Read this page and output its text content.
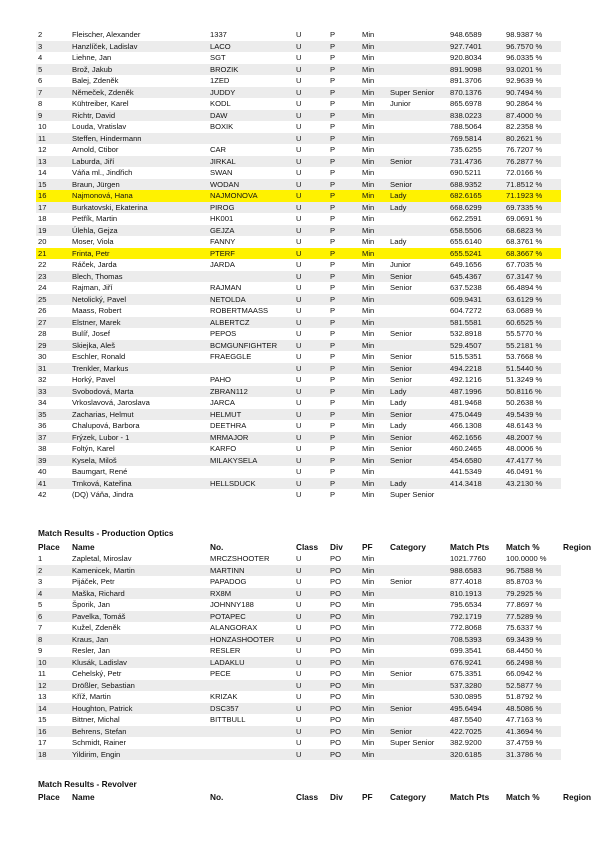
2	Fleischer, Alexander	1337	U	P	Min		948.6589	98.9387 %	
3	Hanzlíček, Ladislav	LACO	U	P	Min		927.7401	96.7570 %	
4	Liehne, Jan	SGT	U	P	Min		920.8034	96.0335 %	
5	Brož, Jakub	BROZIK	U	P	Min		891.9098	93.0201 %	
6	Balej, Zdeněk	1ZED	U	P	Min		891.3706	92.9639 %	
7	Němeček, Zdeněk	JUDDY	U	P	Min	Super Senior	870.1376	90.7494 %	
8	Kühtreiber, Karel	KODL	U	P	Min	Junior	865.6978	90.2864 %	
9	Richtr, David	DAW	U	P	Min		838.0223	87.4000 %	
10	Louda, Vratislav	BOXIK	U	P	Min		788.5064	82.2358 %	
11	Steffen, Hindermann		U	P	Min		769.5814	80.2621 %	
12	Arnold, Ctibor	CAR	U	P	Min		735.6255	76.7207 %	
13	Laburda, Jiří	JIRKAL	U	P	Min	Senior	731.4736	76.2877 %	
14	Váňa ml., Jindřich	SWAN	U	P	Min		690.5211	72.0166 %	
15	Braun, Jürgen	WODAN	U	P	Min	Senior	688.9352	71.8512 %	
16	Najmonová, Hana	NAJMONOVA	U	P	Min	Lady	682.6165	71.1923 %	
17	Burkatovski, Ekaterina	PIROG	U	P	Min	Lady	668.6299	69.7335 %	
18	Petřík, Martin	HK001	U	P	Min		662.2591	69.0691 %	
19	Úlehla, Gejza	GEJZA	U	P	Min		658.5506	68.6823 %	
20	Moser, Viola	FANNY	U	P	Min	Lady	655.6140	68.3761 %	
21	Frinta, Petr	PTERF	U	P	Min		655.5241	68.3667 %	
22	Ráček, Jarda	JARDA	U	P	Min	Junior	649.1656	67.7035 %	
23	Blech, Thomas		U	P	Min	Senior	645.4367	67.3147 %	
24	Rajman, Jiří	RAJMAN	U	P	Min	Senior	637.5238	66.4894 %	
25	Netolický, Pavel	NETOLDA	U	P	Min		609.9431	63.6129 %	
26	Maass, Robert	ROBERTMAASS	U	P	Min		604.7272	63.0689 %	
27	Elstner, Marek	ALBERTCZ	U	P	Min		581.5581	60.6525 %	
28	Bulíř, Josef	PEPOS	U	P	Min	Senior	532.8918	55.5770 %	
29	Skiejka, Aleš	BCMGUNFIGHTER	U	P	Min		529.4507	55.2181 %	
30	Eschler, Ronald	FRAEGGLE	U	P	Min	Senior	515.5351	53.7668 %	
31	Trenkler, Markus		U	P	Min	Senior	494.2218	51.5440 %	
32	Horký, Pavel	PAHO	U	P	Min	Senior	492.1216	51.3249 %	
33	Svobodová, Marta	ZBRAN112	U	P	Min	Lady	487.1996	50.8116 %	
34	Vrkoslavová, Jaroslava	JARCA	U	P	Min	Lady	481.9468	50.2638 %	
35	Zacharias, Helmut	HELMUT	U	P	Min	Senior	475.0449	49.5439 %	
36	Chalupová, Barbora	DEETHRA	U	P	Min	Lady	466.1308	48.6143 %	
37	Frýzek, Lubor - 1	MRMAJOR	U	P	Min	Senior	462.1656	48.2007 %	
38	Foltýn, Karel	KARFO	U	P	Min	Senior	460.2465	48.0006 %	
39	Kysela, Miloš	MILAKYSELA	U	P	Min	Senior	454.6580	47.4177 %	
40	Baumgart, René		U	P	Min		441.5349	46.0491 %	
41	Trnková, Kateřina	HELLSDUCK	U	P	Min	Lady	414.3418	43.2130 %	
42	(DQ) Váňa, Jindra		U	P	Min	Super Senior			
Match Results - Production Optics
Place	Name	No.	Class	Div	PF	Category	Match Pts	Match %	Region
1	Zapletal, Miroslav	MRCZSHOOTER	U	PO	Min		1021.7760	100.0000 %	
2	Kamenicek, Martin	MARTINN	U	PO	Min		988.6583	96.7588 %	
3	Pijáček, Petr	PAPADOG	U	PO	Min	Senior	877.4018	85.8703 %	
4	Maška, Richard	RX8M	U	PO	Min		810.1913	79.2925 %	
5	Šporik, Jan	JOHNNY188	U	PO	Min		795.6534	77.8697 %	
6	Pavelka, Tomáš	POTAPEC	U	PO	Min		792.1719	77.5289 %	
7	Kužel, Zdeněk	ALANGORAX	U	PO	Min		772.8068	75.6337 %	
8	Kraus, Jan	HONZASHOOTER	U	PO	Min		708.5393	69.3439 %	
9	Resler, Jan	RESLER	U	PO	Min		699.3541	68.4450 %	
10	Klusák, Ladislav	LADAKLU	U	PO	Min		676.9241	66.2498 %	
11	Cehelský, Petr	PECE	U	PO	Min	Senior	675.3351	66.0942 %	
12	Drößler, Sebastian		U	PO	Min		537.3280	52.5877 %	
13	Kříž, Martin	KRIZAK	U	PO	Min		530.0895	51.8792 %	
14	Houghton, Patrick	DSC357	U	PO	Min	Senior	495.6494	48.5086 %	
15	Bittner, Michal	BITTBULL	U	PO	Min		487.5540	47.7163 %	
16	Behrens, Stefan		U	PO	Min	Senior	422.7025	41.3694 %	
17	Schmidt, Rainer		U	PO	Min	Super Senior	382.9200	37.4759 %	
18	Yildirim, Engin		U	PO	Min		320.6185	31.3786 %	
Match Results - Revolver
Place	Name	No.	Class	Div	PF	Category	Match Pts	Match %	Region
